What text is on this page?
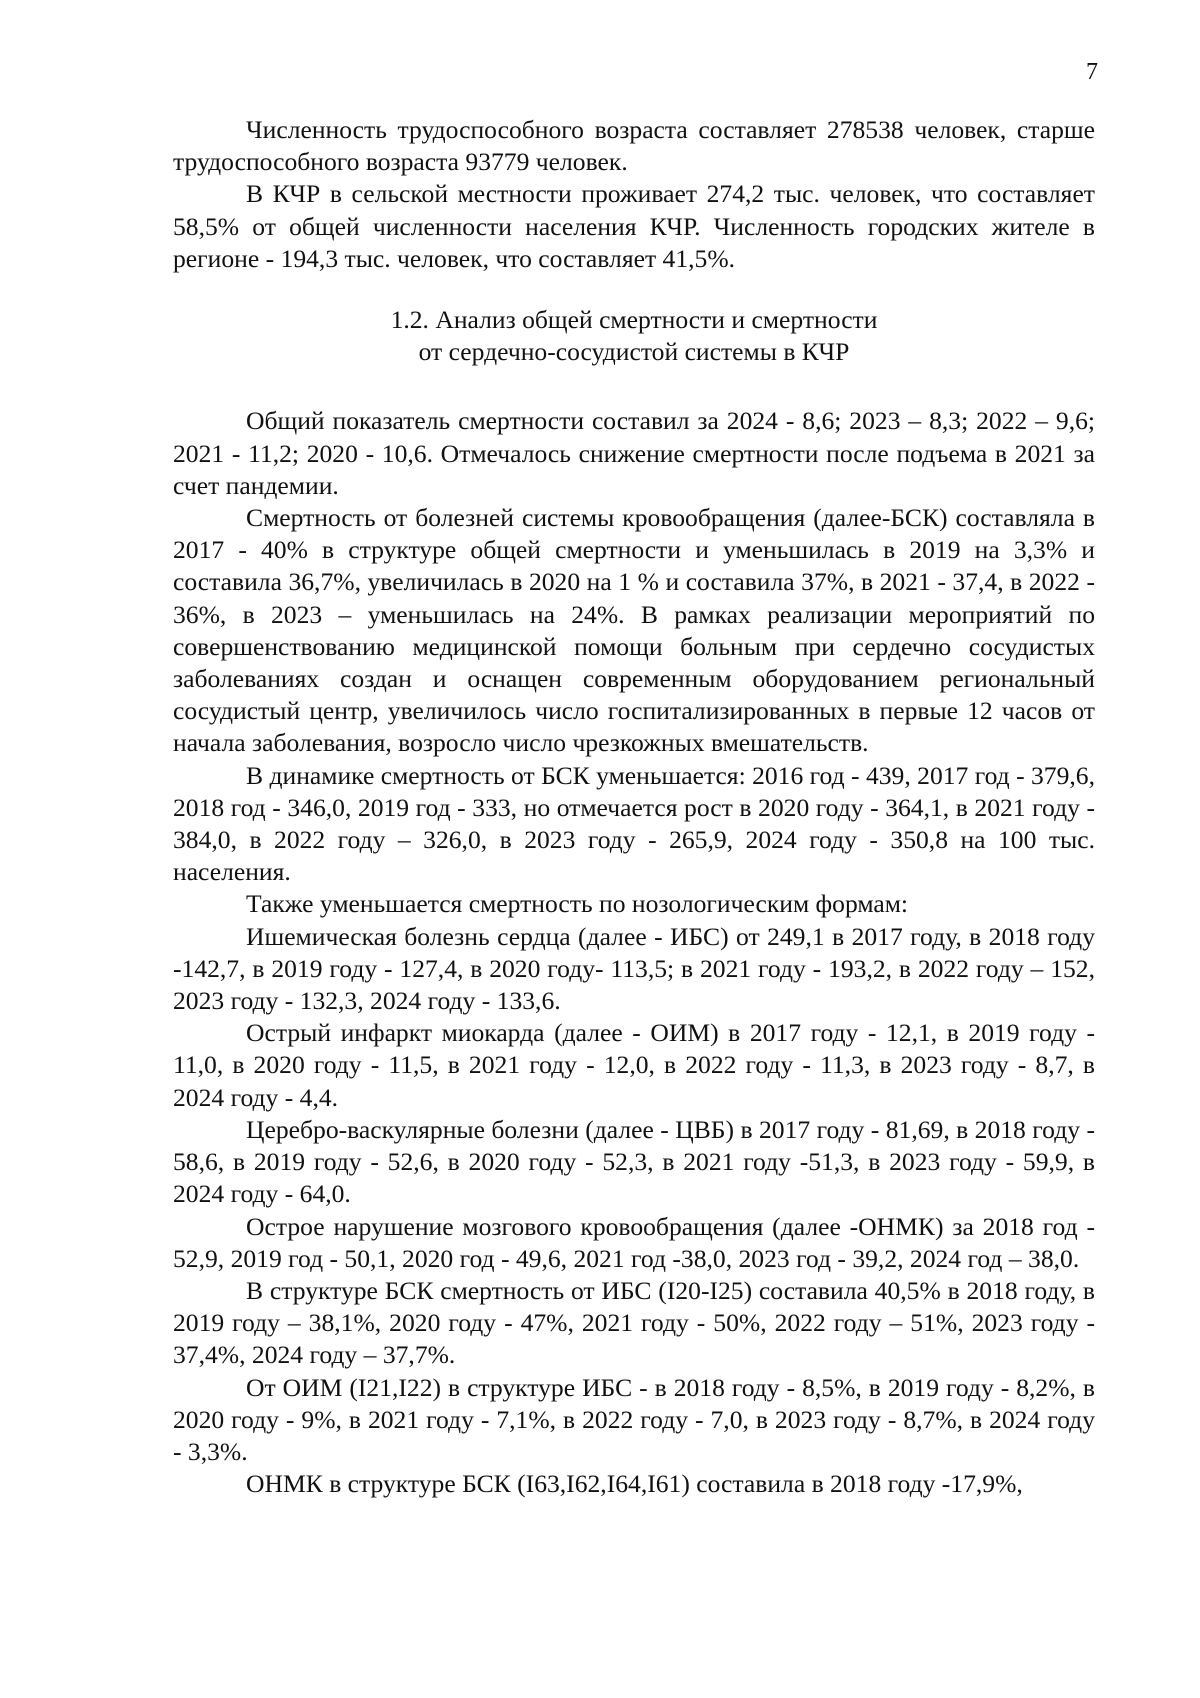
7

Численность трудоспособного возраста составляет 278538 человек, старше трудоспособного возраста 93779 человек.

В КЧР в сельской местности проживает 274,2 тыс. человек, что составляет 58,5% от общей численности населения КЧР. Численность городских жителе в регионе - 194,3 тыс. человек, что составляет 41,5%.

1.2. Анализ общей смертности и смертности
от сердечно-сосудистой системы в КЧР

Общий показатель смертности составил за 2024 - 8,6; 2023 – 8,3; 2022 – 9,6; 2021 - 11,2; 2020 - 10,6. Отмечалось снижение смертности после подъема в 2021 за счет пандемии.

Смертность от болезней системы кровообращения (далее-БСК) составляла в 2017 - 40% в структуре общей смертности и уменьшилась в 2019 на 3,3% и составила 36,7%, увеличилась в 2020 на 1 % и составила 37%, в 2021 - 37,4, в 2022 - 36%, в 2023 – уменьшилась на 24%. В рамках реализации мероприятий по совершенствованию медицинской помощи больным при сердечно сосудистых заболеваниях создан и оснащен современным оборудованием региональный сосудистый центр, увеличилось число госпитализированных в первые 12 часов от начала заболевания, возросло число чрезкожных вмешательств.

В динамике смертность от БСК уменьшается: 2016 год - 439, 2017 год - 379,6, 2018 год - 346,0, 2019 год - 333, но отмечается рост в 2020 году - 364,1, в 2021 году - 384,0, в 2022 году – 326,0, в 2023 году - 265,9, 2024 году - 350,8 на 100 тыс. населения.

Также уменьшается смертность по нозологическим формам:

Ишемическая болезнь сердца (далее - ИБС) от 249,1 в 2017 году, в 2018 году -142,7, в 2019 году - 127,4, в 2020 году- 113,5; в 2021 году - 193,2, в 2022 году – 152, 2023 году - 132,3, 2024 году - 133,6.

Острый инфаркт миокарда (далее - ОИМ) в 2017 году - 12,1, в 2019 году - 11,0, в 2020 году - 11,5, в 2021 году - 12,0, в 2022 году - 11,3, в 2023 году - 8,7, в 2024 году - 4,4.

Церебро-васкулярные болезни (далее - ЦВБ) в 2017 году - 81,69, в 2018 году - 58,6, в 2019 году - 52,6, в 2020 году - 52,3, в 2021 году -51,3, в 2023 году - 59,9, в 2024 году - 64,0.

Острое нарушение мозгового кровообращения (далее -ОНМК) за 2018 год - 52,9, 2019 год - 50,1, 2020 год - 49,6, 2021 год -38,0, 2023 год - 39,2, 2024 год – 38,0.

В структуре БСК смертность от ИБС (I20-I25) составила 40,5% в 2018 году, в 2019 году – 38,1%, 2020 году - 47%, 2021 году - 50%, 2022 году – 51%, 2023 году - 37,4%, 2024 году – 37,7%.

От ОИМ (I21,I22) в структуре ИБС - в 2018 году - 8,5%, в 2019 году - 8,2%, в 2020 году - 9%, в 2021 году - 7,1%, в 2022 году - 7,0, в 2023 году - 8,7%, в 2024 году - 3,3%.

ОНМК в структуре БСК (I63,I62,I64,I61) составила в 2018 году -17,9%,
